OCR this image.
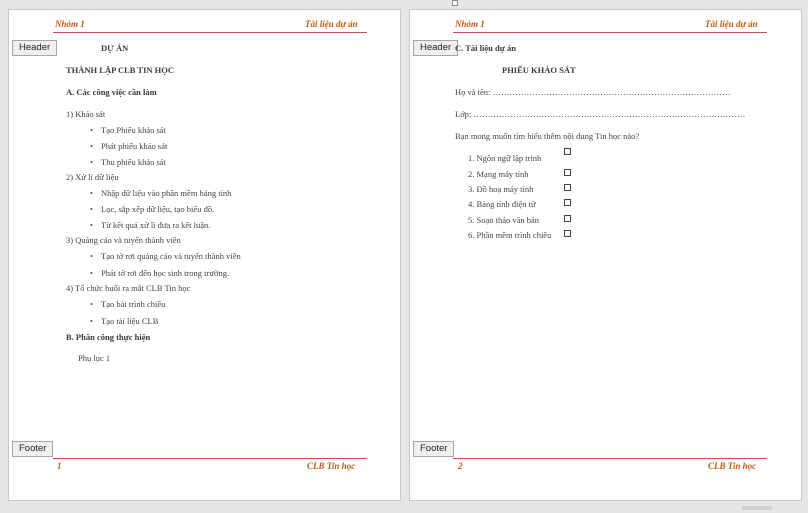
Nhóm 1	Tài liệu dự án
Header	DỰ ÁN
THÀNH LẬP CLB TIN HỌC
A. Các công việc cần làm
1) Khảo sát
• Tạo Phiếu khảo sát
• Phát phiếu khảo sát
• Thu phiếu khảo sát
2) Xử lí dữ liệu
• Nhập dữ liệu vào phần mềm bảng tính
• Lọc, sắp xếp dữ liệu, tạo biểu đồ.
• Từ kết quả xử lí đưa ra kết luận.
3) Quảng cáo và tuyển thành viên
• Tạo tờ rơi quảng cáo và tuyển thành viên
• Phát tờ rơi đến học sinh trong trường.
4) Tổ chức buổi ra mắt CLB Tin học
• Tạo bài trình chiếu
• Tạo tài liệu CLB
B. Phân công thực hiện
Phụ lục 1
Footer
1	CLB Tin học
Nhóm 1	Tài liệu dự án
Header C. Tài liệu dự án
PHIẾU KHẢO SÁT
Họ và tên: …………………………………………………………………………
Lớp: ……………………………………………………………………………………
Bạn mong muốn tìm hiểu thêm nội dung Tin học nào?
1. Ngôn ngữ lập trình
2. Mạng máy tính
3. Đồ hoạ máy tính
4. Bảng tính điện tử
5. Soạn thảo văn bản
6. Phần mềm trình chiếu
Footer
2	CLB Tin học
